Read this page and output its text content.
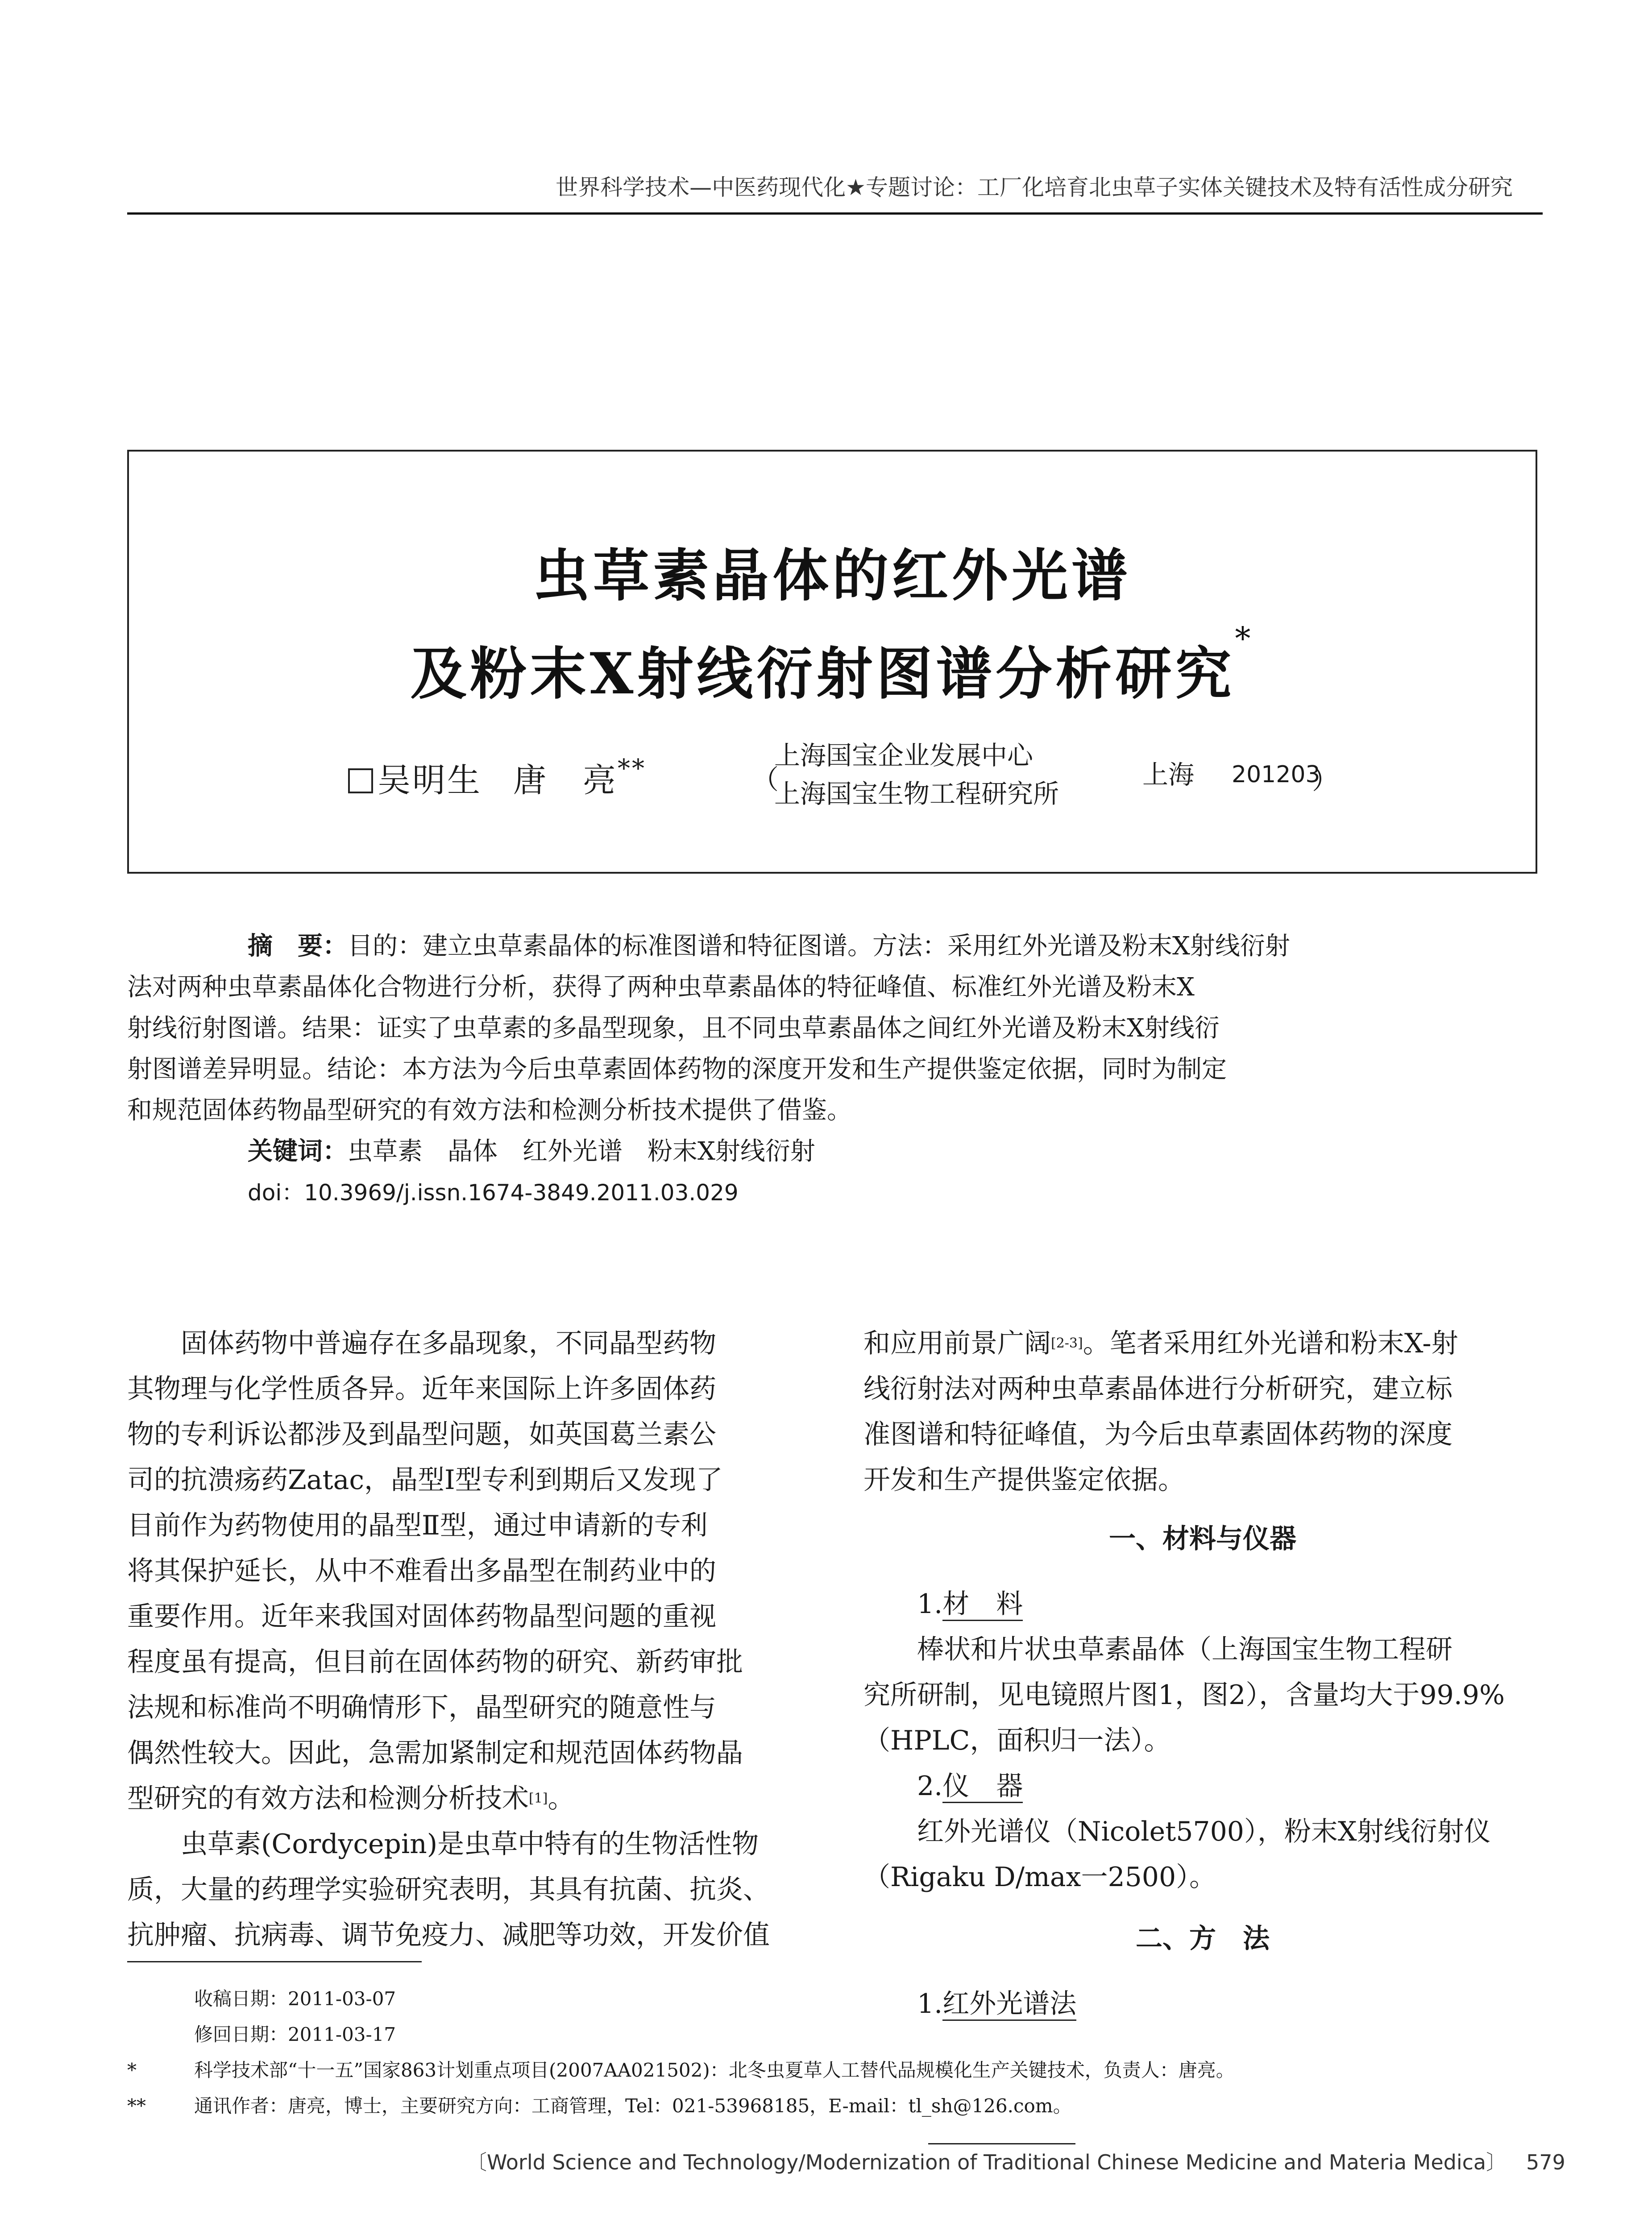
世界科学技术—中医药现代化★专题讨论：工厂化培育北虫草子实体关键技术及特有活性成分研究
虫草素晶体的红外光谱
及粉末X射线衍射图谱分析研究*
吴明生 唐　亮**	（
上海国宝企业发展中心
上海国宝生物工程研究所
上海 201203
）
摘　要：目的：建立虫草素晶体的标准图谱和特征图谱。方法：采用红外光谱及粉末X射线衍射
法对两种虫草素晶体化合物进行分析，获得了两种虫草素晶体的特征峰值、标准红外光谱及粉末X
射线衍射图谱。结果：证实了虫草素的多晶型现象，且不同虫草素晶体之间红外光谱及粉末X射线衍
射图谱差异明显。结论：本方法为今后虫草素固体药物的深度开发和生产提供鉴定依据，同时为制定
和规范固体药物晶型研究的有效方法和检测分析技术提供了借鉴。
关键词：虫草素　晶体　红外光谱　粉末X射线衍射
doi：10.3969/j.issn.1674-3849.2011.03.029
　　固体药物中普遍存在多晶现象，不同晶型药物
其物理与化学性质各异。近年来国际上许多固体药
物的专利诉讼都涉及到晶型问题，如英国葛兰素公
司的抗溃疡药Zatac，晶型Ⅰ型专利到期后又发现了
目前作为药物使用的晶型Ⅱ型，通过申请新的专利
将其保护延长，从中不难看出多晶型在制药业中的
重要作用。近年来我国对固体药物晶型问题的重视
程度虽有提高，但目前在固体药物的研究、新药审批
法规和标准尚不明确情形下，晶型研究的随意性与
偶然性较大。因此，急需加紧制定和规范固体药物晶
型研究的有效方法和检测分析技术[1]。
　　虫草素(Cordycepin)是虫草中特有的生物活性物
质，大量的药理学实验研究表明，其具有抗菌、抗炎、
抗肿瘤、抗病毒、调节免疫力、减肥等功效，开发价值
和应用前景广阔[2-3]。笔者采用红外光谱和粉末X-射
线衍射法对两种虫草素晶体进行分析研究，建立标
准图谱和特征峰值，为今后虫草素固体药物的深度
开发和生产提供鉴定依据。
一、材料与仪器
1.材　料
　　棒状和片状虫草素晶体（上海国宝生物工程研
究所研制，见电镜照片图1，图2），含量均大于99.9%
（HPLC，面积归一法）。
2.仪　器
　　红外光谱仪（Nicolet5700），粉末X射线衍射仪
（Rigaku D/max一2500）。
二、方　法
1.红外光谱法
收稿日期：2011-03-07
修回日期：2011-03-17
*	科学技术部“十一五”国家863计划重点项目(2007AA021502)：北冬虫夏草人工替代品规模化生产关键技术，负责人：唐亮。
**	通讯作者：唐亮，博士，主要研究方向：工商管理，Tel：021-53968185，E-mail：tl_sh@126.com。
〔World Science and Technology/Modernization of Traditional Chinese Medicine and Materia Medica〕 579
